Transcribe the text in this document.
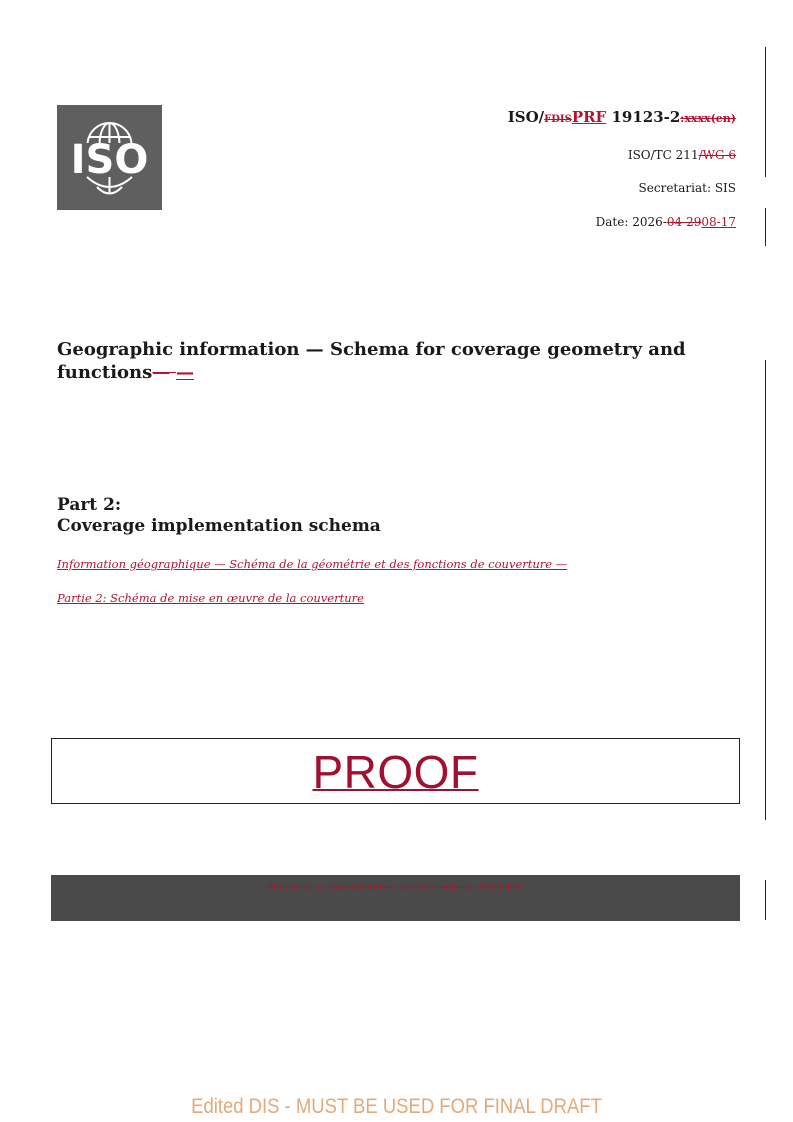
ISO
ISO/FDISPRF 19123-2:xxxx(en)
ISO/TC 211/WG 6
Secretariat: SIS
Date: 2026-04-2908-17
Geographic information — Schema for coverage geometry and functions— —
Part 2:
Coverage implementation schema
Information géographique — Schéma de la géométrie et des fonctions de couverture —
Partie 2: Schéma de mise en œuvre de la couverture
PROOF
This draft is submitted to a parallel vote in ISO, CEN.
Edited DIS - MUST BE USED FOR FINAL DRAFT
